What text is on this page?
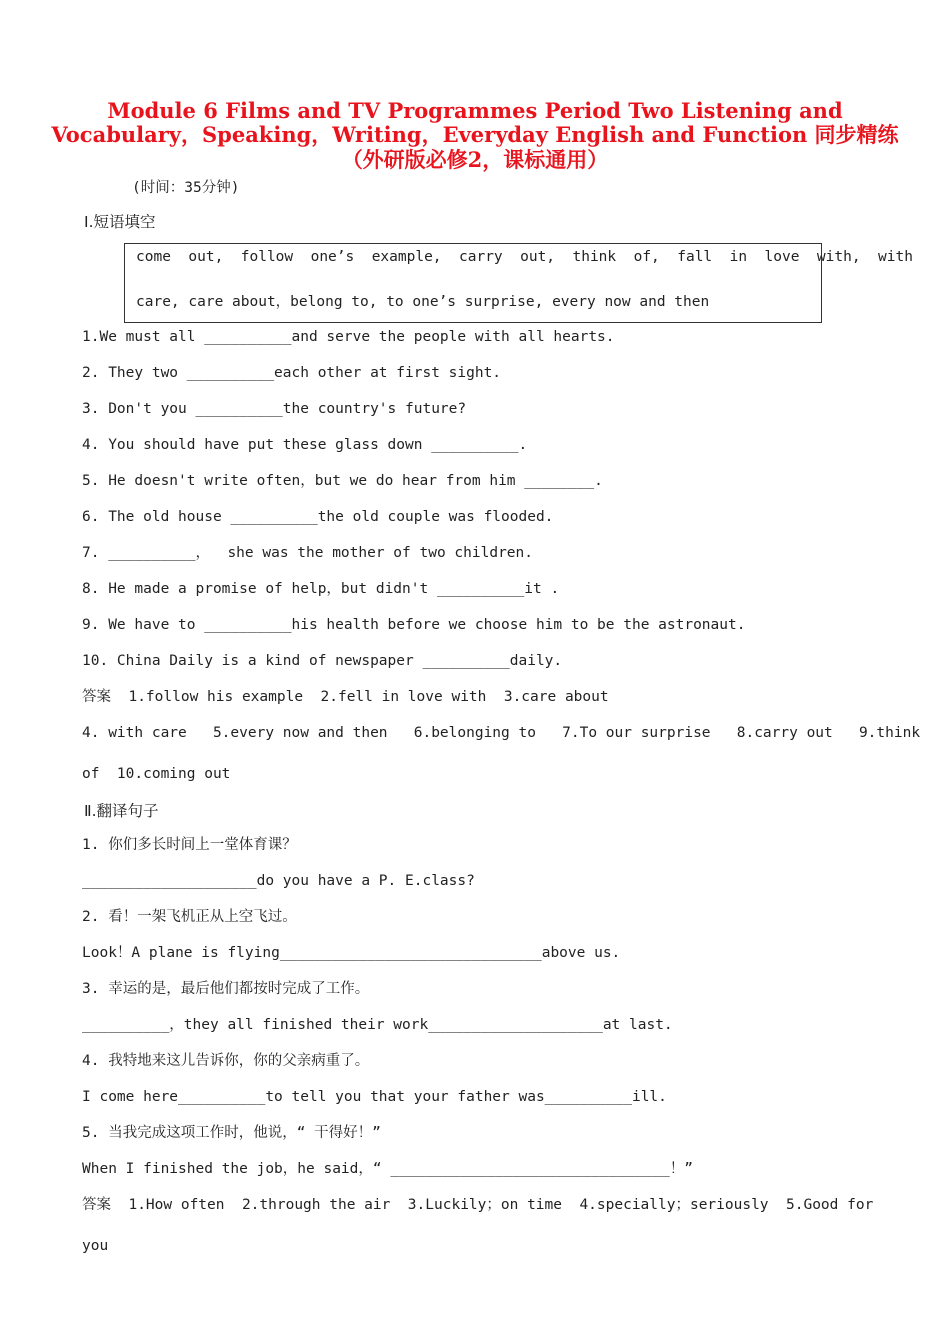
Module 6 Films and TV Programmes Period Two Listening and
Vocabulary，Speaking，Writing，Everyday English and Function 同步精练
（外研版必修2，课标通用）
(时间：35分钟)
Ⅰ.短语填空
come  out,  follow  one’s  example,  carry  out,  think  of,  fall  in  love  with,  with
care, care about，belong to, to one’s surprise, every now and then
1.We must all __________and serve the people with all hearts.
2. They two __________each other at first sight.
3. Don't you __________the country's future?
4. You should have put these glass down __________.
5. He doesn't write often，but we do hear from him ________.
6. The old house __________the old couple was flooded.
7. __________，  she was the mother of two children.
8. He made a promise of help，but didn't __________it .
9. We have to __________his health before we choose him to be the astronaut.
10. China Daily is a kind of newspaper __________daily.
答案  1.follow his example  2.fell in love with  3.care about
4. with care   5.every now and then   6.belonging to   7.To our surprise   8.carry out   9.think
of  10.coming out
Ⅱ.翻译句子
1. 你们多长时间上一堂体育课？
____________________do you have a P. E.class?
2. 看！一架飞机正从上空飞过。
Look！A plane is flying______________________________above us.
3. 幸运的是，最后他们都按时完成了工作。
__________，they all finished their work____________________at last.
4. 我特地来这儿告诉你，你的父亲病重了。
I come here__________to tell you that your father was__________ill.
5. 当我完成这项工作时，他说，“ 干得好！”
When I finished the job，he said，“ ________________________________！”
答案  1.How often  2.through the air  3.Luckily；on time  4.specially；seriously  5.Good for
you
